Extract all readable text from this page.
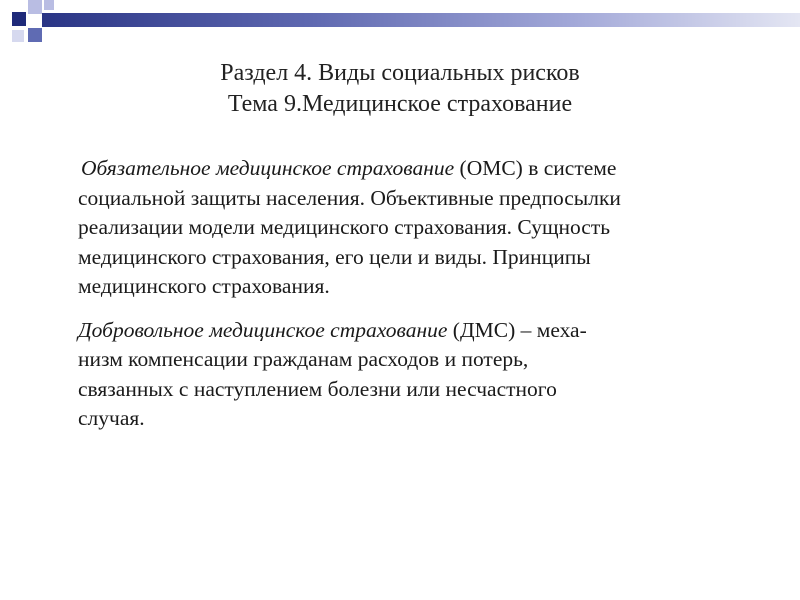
Раздел 4. Виды социальных рисков
Тема 9.Медицинское страхование
Обязательное медицинское страхование (ОМС) в системе
социальной защиты населения. Объективные предпосылки
реализации модели медицинского страхования. Сущность
медицинского страхования, его цели и виды. Принципы
медицинского страхования.
Добровольное медицинское страхование (ДМС) – меха-
низм компенсации гражданам расходов и потерь,
связанных с наступлением болезни или несчастного
случая.
